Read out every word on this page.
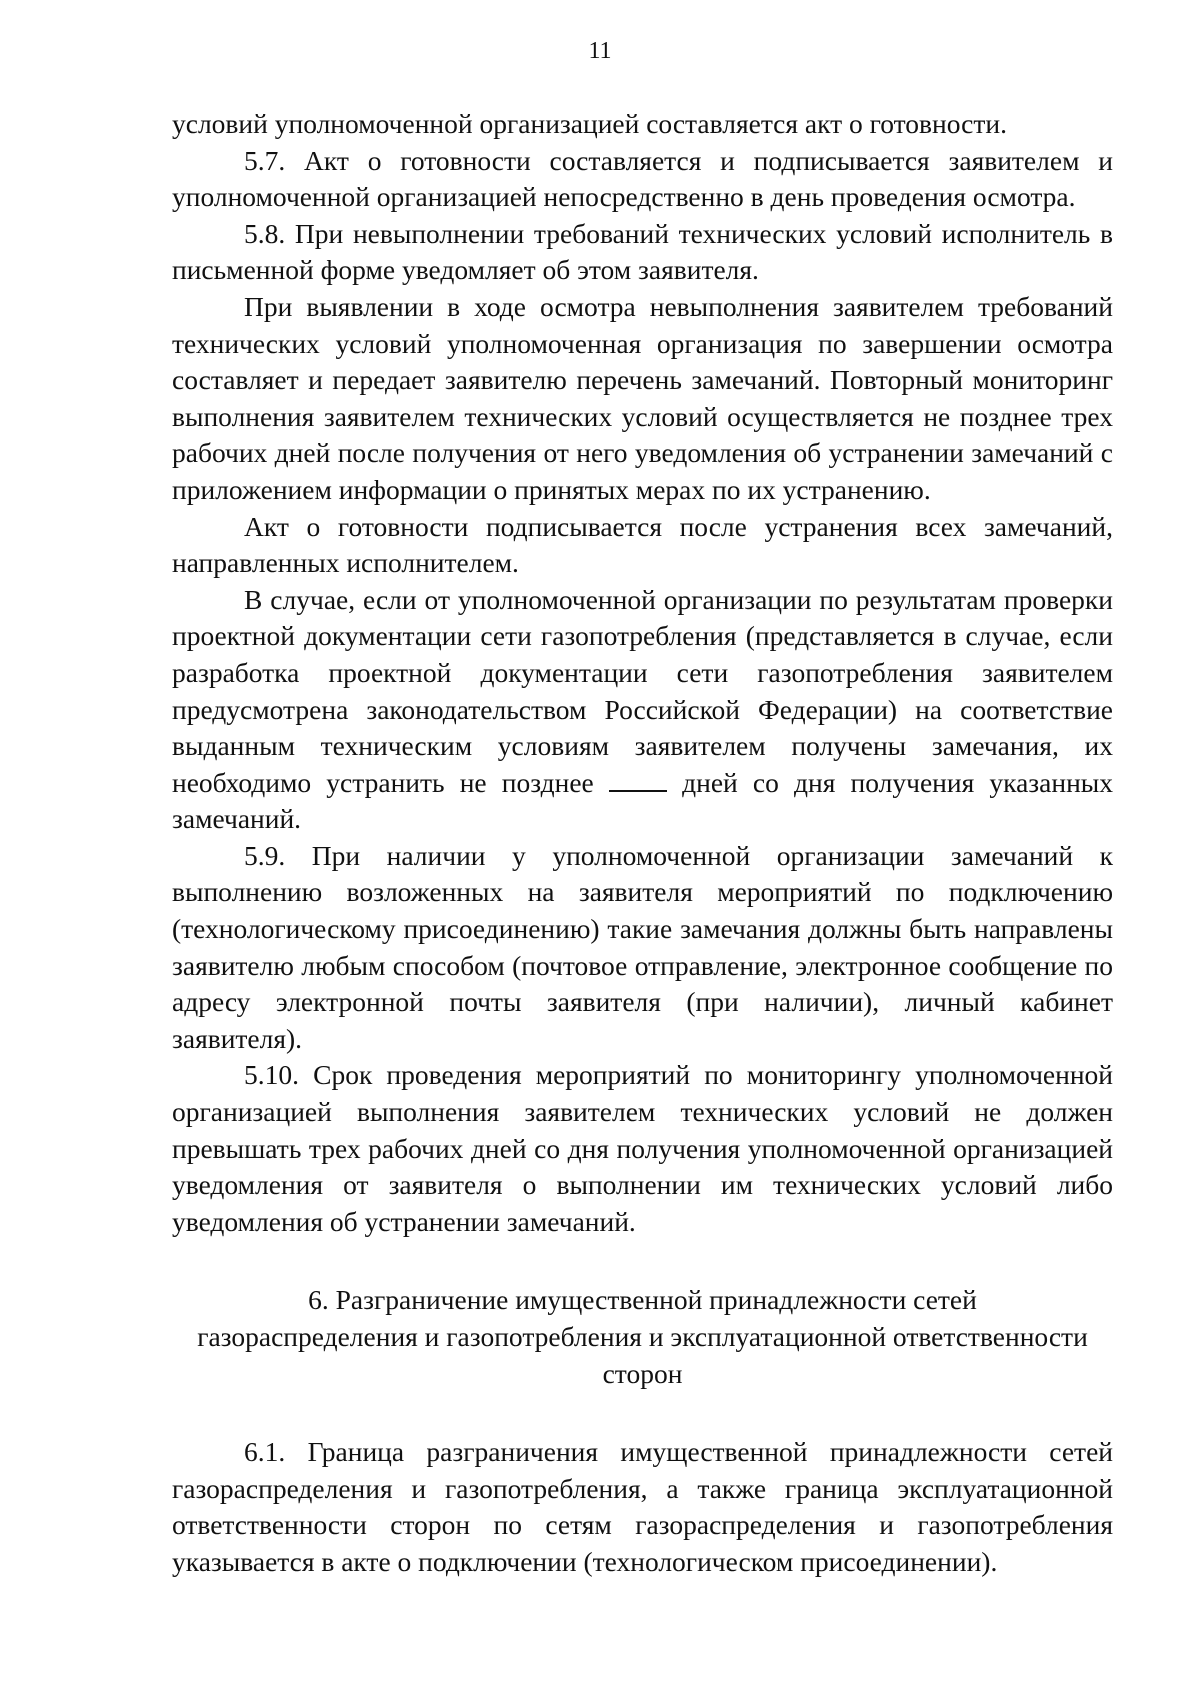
11

условий уполномоченной организацией составляется акт о готовности.

5.7. Акт о готовности составляется и подписывается заявителем и уполномоченной организацией непосредственно в день проведения осмотра.

5.8. При невыполнении требований технических условий исполнитель в письменной форме уведомляет об этом заявителя.

При выявлении в ходе осмотра невыполнения заявителем требований технических условий уполномоченная организация по завершении осмотра составляет и передает заявителю перечень замечаний. Повторный мониторинг выполнения заявителем технических условий осуществляется не позднее трех рабочих дней после получения от него уведомления об устранении замечаний с приложением информации о принятых мерах по их устранению.

Акт о готовности подписывается после устранения всех замечаний, направленных исполнителем.

В случае, если от уполномоченной организации по результатам проверки проектной документации сети газопотребления (представляется в случае, если разработка проектной документации сети газопотребления заявителем предусмотрена законодательством Российской Федерации) на соответствие выданным техническим условиям заявителем получены замечания, их необходимо устранить не позднее	дней со дня получения указанных замечаний.

5.9. При наличии у уполномоченной организации замечаний к выполнению возложенных на заявителя мероприятий по подключению (технологическому присоединению) такие замечания должны быть направлены заявителю любым способом (почтовое отправление, электронное сообщение по адресу электронной почты заявителя (при наличии), личный кабинет заявителя).

5.10. Срок проведения мероприятий по мониторингу уполномоченной организацией выполнения заявителем технических условий не должен превышать трех рабочих дней со дня получения уполномоченной организацией уведомления от заявителя о выполнении им технических условий либо уведомления об устранении замечаний.

6. Разграничение имущественной принадлежности сетей
газораспределения и газопотребления и эксплуатационной ответственности
сторон

6.1. Граница разграничения имущественной принадлежности сетей газораспределения и газопотребления, а также граница эксплуатационной ответственности сторон по сетям газораспределения и газопотребления указывается в акте о подключении (технологическом присоединении).
